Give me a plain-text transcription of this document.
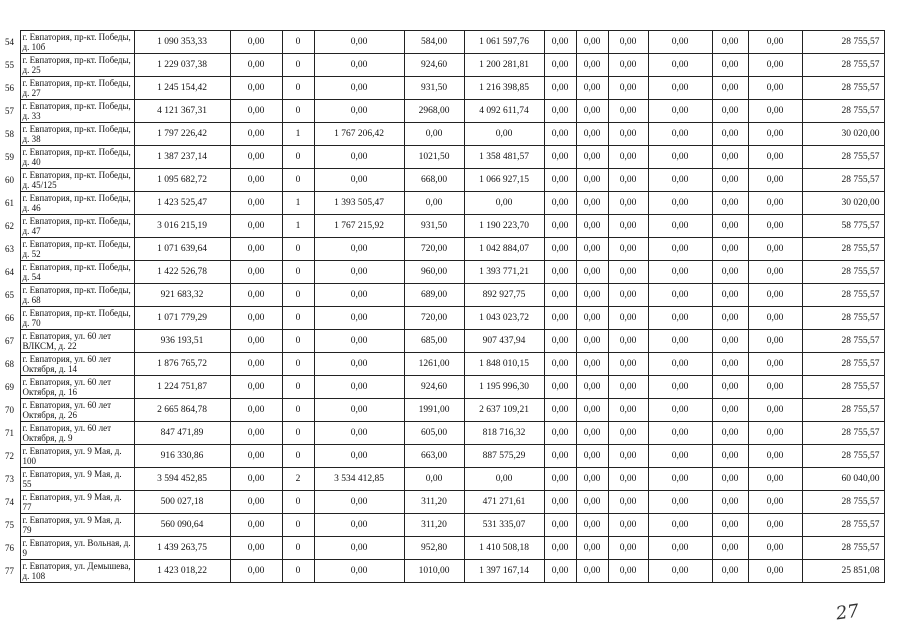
54	г. Евпатория, пр-кт. Победы, д. 10б	1 090 353,33	0,00	0	0,00	584,00	1 061 597,76	0,00	0,00	0,00	0,00	0,00	0,00	28 755,57
55	г. Евпатория, пр-кт. Победы, д. 25	1 229 037,38	0,00	0	0,00	924,60	1 200 281,81	0,00	0,00	0,00	0,00	0,00	0,00	28 755,57
56	г. Евпатория, пр-кт. Победы, д. 27	1 245 154,42	0,00	0	0,00	931,50	1 216 398,85	0,00	0,00	0,00	0,00	0,00	0,00	28 755,57
57	г. Евпатория, пр-кт. Победы, д. 33	4 121 367,31	0,00	0	0,00	2968,00	4 092 611,74	0,00	0,00	0,00	0,00	0,00	0,00	28 755,57
58	г. Евпатория, пр-кт. Победы, д. 38	1 797 226,42	0,00	1	1 767 206,42	0,00	0,00	0,00	0,00	0,00	0,00	0,00	0,00	30 020,00
59	г. Евпатория, пр-кт. Победы, д. 40	1 387 237,14	0,00	0	0,00	1021,50	1 358 481,57	0,00	0,00	0,00	0,00	0,00	0,00	28 755,57
60	г. Евпатория, пр-кт. Победы, д. 45/125	1 095 682,72	0,00	0	0,00	668,00	1 066 927,15	0,00	0,00	0,00	0,00	0,00	0,00	28 755,57
61	г. Евпатория, пр-кт. Победы, д. 46	1 423 525,47	0,00	1	1 393 505,47	0,00	0,00	0,00	0,00	0,00	0,00	0,00	0,00	30 020,00
62	г. Евпатория, пр-кт. Победы, д. 47	3 016 215,19	0,00	1	1 767 215,92	931,50	1 190 223,70	0,00	0,00	0,00	0,00	0,00	0,00	58 775,57
63	г. Евпатория, пр-кт. Победы, д. 52	1 071 639,64	0,00	0	0,00	720,00	1 042 884,07	0,00	0,00	0,00	0,00	0,00	0,00	28 755,57
64	г. Евпатория, пр-кт. Победы, д. 54	1 422 526,78	0,00	0	0,00	960,00	1 393 771,21	0,00	0,00	0,00	0,00	0,00	0,00	28 755,57
65	г. Евпатория, пр-кт. Победы, д. 68	921 683,32	0,00	0	0,00	689,00	892 927,75	0,00	0,00	0,00	0,00	0,00	0,00	28 755,57
66	г. Евпатория, пр-кт. Победы, д. 70	1 071 779,29	0,00	0	0,00	720,00	1 043 023,72	0,00	0,00	0,00	0,00	0,00	0,00	28 755,57
67	г. Евпатория, ул. 60 лет ВЛКСМ, д. 22	936 193,51	0,00	0	0,00	685,00	907 437,94	0,00	0,00	0,00	0,00	0,00	0,00	28 755,57
68	г. Евпатория, ул. 60 лет Октября, д. 14	1 876 765,72	0,00	0	0,00	1261,00	1 848 010,15	0,00	0,00	0,00	0,00	0,00	0,00	28 755,57
69	г. Евпатория, ул. 60 лет Октября, д. 16	1 224 751,87	0,00	0	0,00	924,60	1 195 996,30	0,00	0,00	0,00	0,00	0,00	0,00	28 755,57
70	г. Евпатория, ул. 60 лет Октября, д. 26	2 665 864,78	0,00	0	0,00	1991,00	2 637 109,21	0,00	0,00	0,00	0,00	0,00	0,00	28 755,57
71	г. Евпатория, ул. 60 лет Октября, д. 9	847 471,89	0,00	0	0,00	605,00	818 716,32	0,00	0,00	0,00	0,00	0,00	0,00	28 755,57
72	г. Евпатория, ул. 9 Мая, д. 100	916 330,86	0,00	0	0,00	663,00	887 575,29	0,00	0,00	0,00	0,00	0,00	0,00	28 755,57
73	г. Евпатория, ул. 9 Мая, д. 55	3 594 452,85	0,00	2	3 534 412,85	0,00	0,00	0,00	0,00	0,00	0,00	0,00	0,00	60 040,00
74	г. Евпатория, ул. 9 Мая, д. 77	500 027,18	0,00	0	0,00	311,20	471 271,61	0,00	0,00	0,00	0,00	0,00	0,00	28 755,57
75	г. Евпатория, ул. 9 Мая, д. 79	560 090,64	0,00	0	0,00	311,20	531 335,07	0,00	0,00	0,00	0,00	0,00	0,00	28 755,57
76	г. Евпатория, ул. Вольная, д. 9	1 439 263,75	0,00	0	0,00	952,80	1 410 508,18	0,00	0,00	0,00	0,00	0,00	0,00	28 755,57
77	г. Евпатория, ул. Демышева, д. 108	1 423 018,22	0,00	0	0,00	1010,00	1 397 167,14	0,00	0,00	0,00	0,00	0,00	0,00	25 851,08
27
